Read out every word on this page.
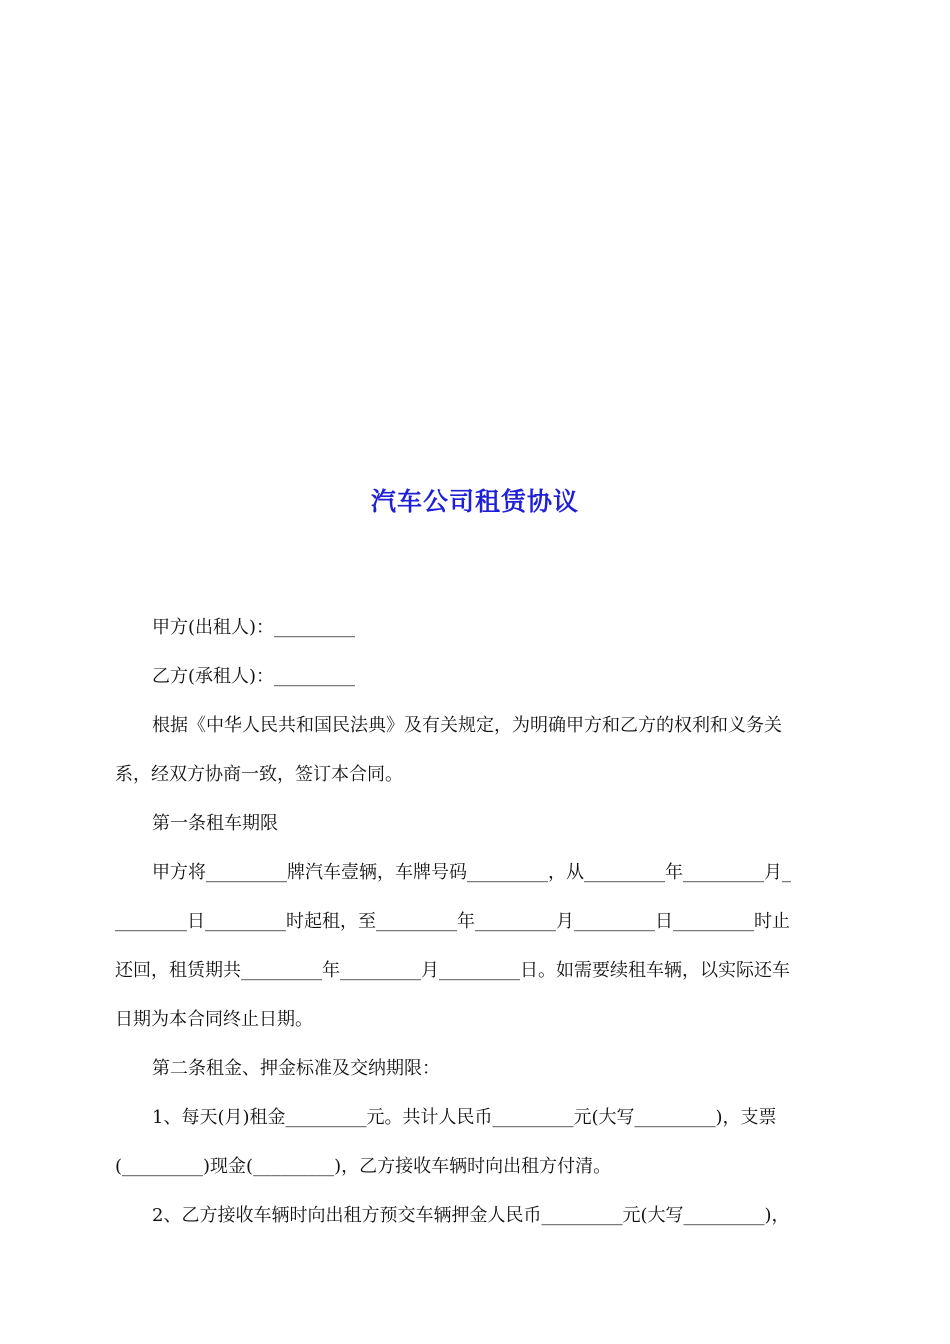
汽车公司租赁协议
甲方(出租人)：_________
乙方(承租人)：_________
根据《中华人民共和国民法典》及有关规定，为明确甲方和乙方的权利和义务关
系，经双方协商一致，签订本合同。
第一条租车期限
甲方将_________牌汽车壹辆，车牌号码_________，从_________年_________月_
________日_________时起租，至_________年_________月_________日_________时止
还回，租赁期共_________年_________月_________日。如需要续租车辆，以实际还车
日期为本合同终止日期。
第二条租金、押金标准及交纳期限：
1、每天(月)租金_________元。共计人民币_________元(大写_________)，支票
(_________)现金(_________)，乙方接收车辆时向出租方付清。
2、乙方接收车辆时向出租方预交车辆押金人民币_________元(大写_________)，
